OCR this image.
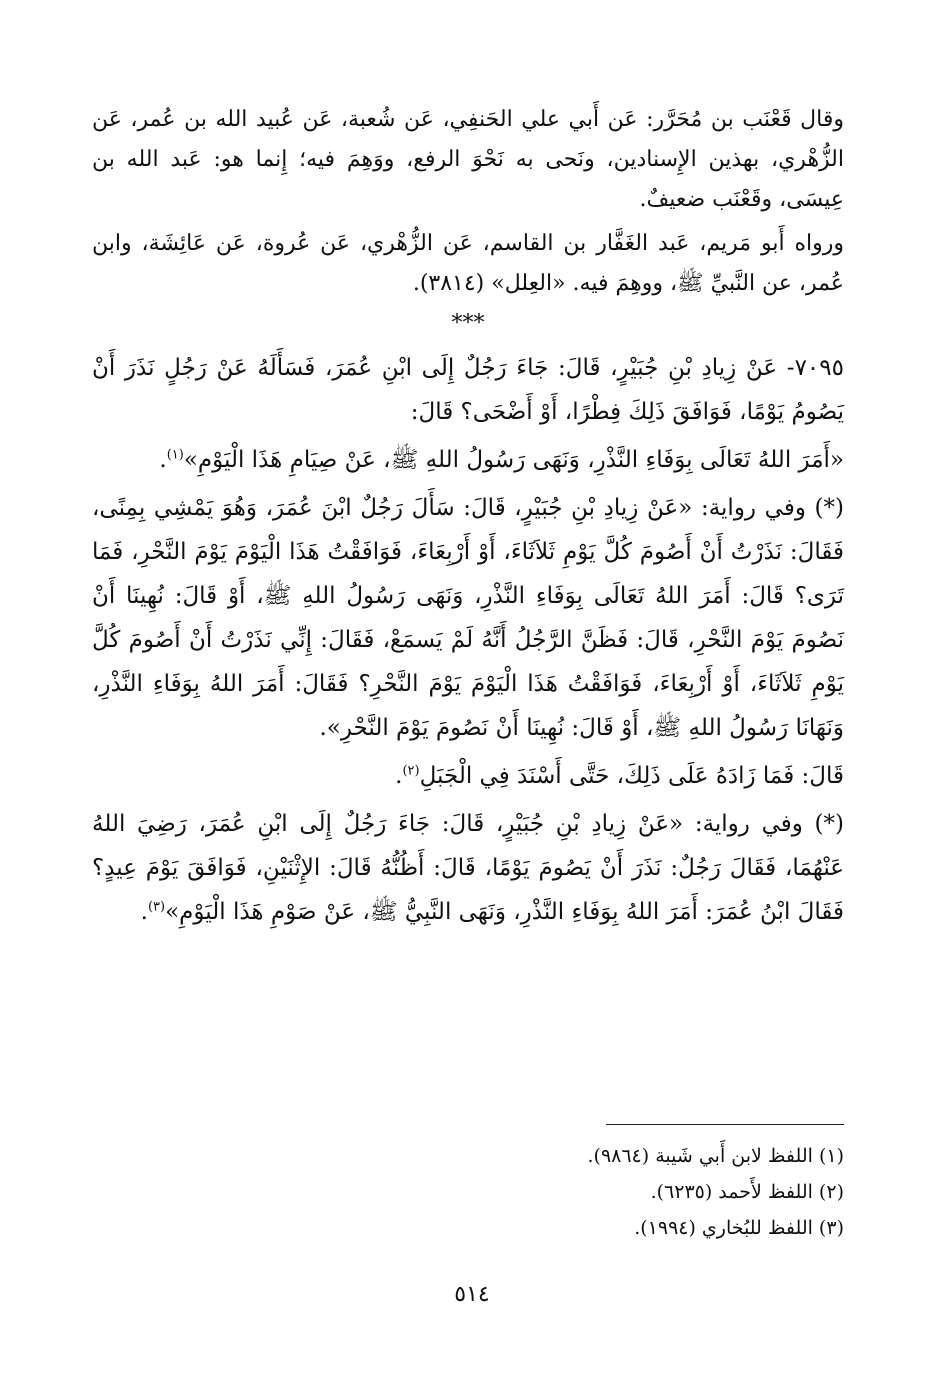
وقال قَعْنَب بن مُحَرَّر: عَن أَبي علي الحَنفِي، عَن شُعبة، عَن عُبيد الله بن عُمر، عَن الزُّهْري، بهذين الإِسنادين، ونَحى به نَحْوَ الرفع، ووَهِمَ فيه؛ إِنما هو: عَبد الله بن عِيسَى، وقَعْنَب ضعيفٌ.

ورواه أَبو مَريم، عَبد الغَفَّار بن القاسم، عَن الزُّهْري، عَن عُروة، عَن عَائِشَة، وابن عُمر، عن النَّبيِّ ﷺ، ووهِمَ فيه. «العِلل» (٣٨١٤).

***

٧٠٩٥- عَنْ زِيادِ بْنِ جُبَيْرٍ، قَالَ: جَاءَ رَجُلٌ إِلَى ابْنِ عُمَرَ، فَسَأَلَهُ عَنْ رَجُلٍ نَذَرَ أَنْ يَصُومُ يَوْمًا، فَوَافَقَ ذَلِكَ فِطْرًا، أَوْ أَضْحَى؟ قَالَ:

«أَمَرَ اللهُ تَعَالَى بِوَفَاءِ النَّذْرِ، وَنَهَى رَسُولُ اللهِ ﷺ، عَنْ صِيَامِ هَذَا الْيَوْمِ»$^{(١)}$.

(*) وفي رواية: «عَنْ زِيادِ بْنِ جُبَيْرٍ، قَالَ: سَأَلَ رَجُلٌ ابْنَ عُمَرَ، وَهُوَ يَمْشِي بِمِنًى، فَقَالَ: نَذَرْتُ أَنْ أَصُومَ كُلَّ يَوْمِ ثَلاَثَاءَ، أَوْ أَرْبِعَاءَ، فَوَافَقْتُ هَذَا الْيَوْمَ يَوْمَ النَّحْرِ، فَمَا تَرَى؟ قَالَ: أَمَرَ اللهُ تَعَالَى بِوَفَاءِ النَّذْرِ، وَنَهَى رَسُولُ اللهِ ﷺ، أَوْ قَالَ: نُهِينَا أَنْ نَصُومَ يَوْمَ النَّحْرِ، قَالَ: فَظَنَّ الرَّجُلُ أَنَّهُ لَمْ يَسمَعْ، فَقَالَ: إِنِّي نَذَرْتُ أَنْ أَصُومَ كُلَّ يَوْمِ ثَلاَثَاءَ، أَوْ أَرْبِعَاءَ، فَوَافَقْتُ هَذَا الْيَوْمَ يَوْمَ النَّحْرِ؟ فَقَالَ: أَمَرَ اللهُ بِوَفَاءِ النَّذْرِ، وَنَهَانَا رَسُولُ اللهِ ﷺ، أَوْ قَالَ: نُهِينَا أَنْ نَصُومَ يَوْمَ النَّحْرِ».

قَالَ: فَمَا زَادَهُ عَلَى ذَلِكَ، حَتَّى أَسْنَدَ فِي الْجَبَلِ$^{(٢)}$.

(*) وفي رواية: «عَنْ زِيادِ بْنِ جُبَيْرٍ، قَالَ: جَاءَ رَجُلٌ إِلَى ابْنِ عُمَرَ، رَضِيَ اللهُ عَنْهُمَا، فَقَالَ رَجُلٌ: نَذَرَ أَنْ يَصُومَ يَوْمًا، قَالَ: أَظُنُّهُ قَالَ: الإِثْنَيْنِ، فَوَافَقَ يَوْمَ عِيدٍ؟ فَقَالَ ابْنُ عُمَرَ: أَمَرَ اللهُ بِوَفَاءِ النَّذْرِ، وَنَهَى النَّبِيُّ ﷺ، عَنْ صَوْمِ هَذَا الْيَوْمِ»$^{(٣)}$.

(١) اللفظ لابن أَبي شَيبة (٩٨٦٤).

(٢) اللفظ لأَحمد (٦٢٣٥).

(٣) اللفظ للبُخاري (١٩٩٤).

٥١٤
